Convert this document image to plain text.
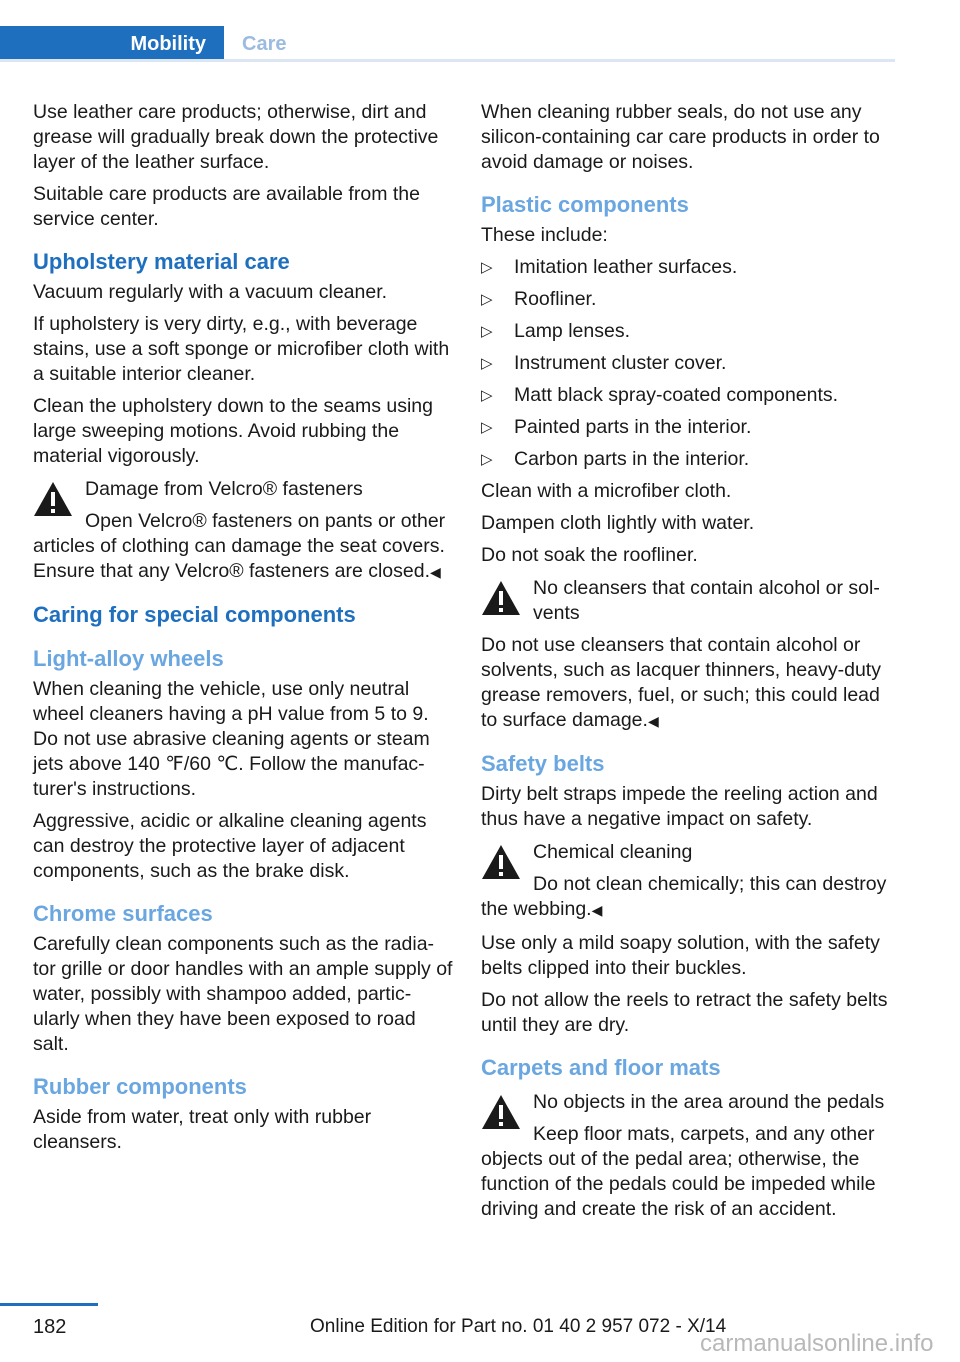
Mobility	Care

Use leather care products; otherwise, dirt and grease will gradually break down the protective layer of the leather surface.

Suitable care products are available from the service center.

Upholstery material care

Vacuum regularly with a vacuum cleaner.

If upholstery is very dirty, e.g., with beverage stains, use a soft sponge or microfiber cloth with a suitable interior cleaner.

Clean the upholstery down to the seams using large sweeping motions. Avoid rubbing the material vigorously.

Damage from Velcro® fasteners
Open Velcro® fasteners on pants or other articles of clothing can damage the seat covers. Ensure that any Velcro® fasteners are closed.◀
Caring for special components
Light-alloy wheels

When cleaning the vehicle, use only neutral wheel cleaners having a pH value from 5 to 9. Do not use abrasive cleaning agents or steam jets above 140 ℉/60 ℃. Follow the manufac‐turer's instructions.

Aggressive, acidic or alkaline cleaning agents can destroy the protective layer of adjacent components, such as the brake disk.

Chrome surfaces

Carefully clean components such as the radia‐tor grille or door handles with an ample supply of water, possibly with shampoo added, partic‐ularly when they have been exposed to road salt.

Rubber components

Aside from water, treat only with rubber cleansers.

When cleaning rubber seals, do not use any silicon-containing car care products in order to avoid damage or noises.

Plastic components

These include:

▷ Imitation leather surfaces.
▷ Roofliner.
▷ Lamp lenses.
▷ Instrument cluster cover.
▷ Matt black spray-coated components.
▷ Painted parts in the interior.
▷ Carbon parts in the interior.

Clean with a microfiber cloth.

Dampen cloth lightly with water.

Do not soak the roofliner.

No cleansers that contain alcohol or sol‐vents
Do not use cleansers that contain alcohol or solvents, such as lacquer thinners, heavy-duty grease removers, fuel, or such; this could lead to surface damage.◀
Safety belts

Dirty belt straps impede the reeling action and thus have a negative impact on safety.

Chemical cleaning
Do not clean chemically; this can destroy the webbing.◀

Use only a mild soapy solution, with the safety belts clipped into their buckles.

Do not allow the reels to retract the safety belts until they are dry.

Carpets and floor mats
No objects in the area around the pedals
Keep floor mats, carpets, and any other objects out of the pedal area; otherwise, the function of the pedals could be impeded while driving and create the risk of an accident.
182	Online Edition for Part no. 01 40 2 957 072 - X/14
carmanualsonline.info
